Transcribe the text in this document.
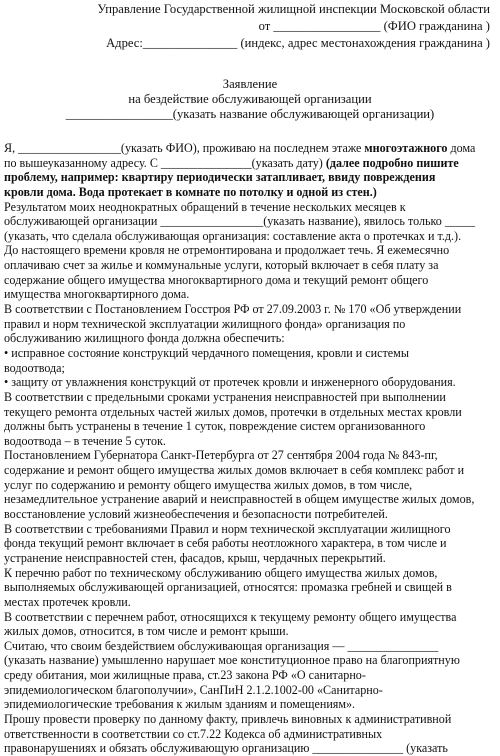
Управление Государственной жилищной инспекции Московской области
от _________________ (ФИО гражданина )
Адрес:_______________ (индекс, адрес местонахождения гражданина )
Заявление
на бездействие обслуживающей организации
_________________(указать название обслуживающей организации)
Я, _________________(указать ФИО), проживаю на последнем этаже многоэтажного дома
по вышеуказанному адресу. С _______________(указать дату) (далее подробно пишите
проблему, например: квартиру периодически затапливает, ввиду повреждения
кровли дома. Вода протекает в комнате по потолку и одной из стен.)
Результатом моих неоднократных обращений в течение нескольких месяцев к
обслуживающей организации _________________(указать название), явилось только _____
(указать, что сделала обслуживающая организация: составление акта о протечках и т.д.).
До настоящего времени кровля не отремонтирована и продолжает течь. Я ежемесячно
оплачиваю счет за жилье и коммунальные услуги, который включает в себя плату за
содержание общего имущества многоквартирного дома и текущий ремонт общего
имущества многоквартирного дома.
В соответствии с Постановлением Госстроя РФ от 27.09.2003 г. № 170 «Об утверждении
правил и норм технической эксплуатации жилищного фонда» организация по
обслуживанию жилищного фонда должна обеспечить:
• исправное состояние конструкций чердачного помещения, кровли и системы
водоотвода;
• защиту от увлажнения конструкций от протечек кровли и инженерного оборудования.
В соответствии с предельными сроками устранения неисправностей при выполнении
текущего ремонта отдельных частей жилых домов, протечки в отдельных местах кровли
должны быть устранены в течение 1 суток, повреждение систем организованного
водоотвода – в течение 5 суток.
Постановлением Губернатора Санкт-Петербурга от 27 сентября 2004 года № 843-пг,
содержание и ремонт общего имущества жилых домов включает в себя комплекс работ и
услуг по содержанию и ремонту общего имущества жилых домов, в том числе,
незамедлительное устранение аварий и неисправностей в общем имуществе жилых домов,
восстановление условий жизнеобеспечения и безопасности потребителей.
В соответствии с требованиями Правил и норм технической эксплуатации жилищного
фонда текущий ремонт включает в себя работы неотложного характера, в том числе и
устранение неисправностей стен, фасадов, крыш, чердачных перекрытий.
К перечню работ по техническому обслуживанию общего имущества жилых домов,
выполняемых обслуживающей организацией, относятся: промазка гребней и свищей в
местах протечек кровли.
В соответствии с перечнем работ, относящихся к текущему ремонту общего имущества
жилых домов, относится, в том числе и ремонт крыши.
Считаю, что своим бездействием обслуживающая организация — _______________
(указать название) умышленно нарушает мое конституционное право на благоприятную
среду обитания, мои жилищные права, ст.23 закона РФ «О санитарно-
эпидемиологическом благополучии», СанПиН 2.1.2.1002-00 «Санитарно-
эпидемиологические требования к жилым зданиям и помещениям».
Прошу провести проверку по данному факту, привлечь виновных к административной
ответственности в соответствии со ст.7.22 Кодекса об административных
правонарушениях и обязать обслуживающую организацию _______________ (указать
